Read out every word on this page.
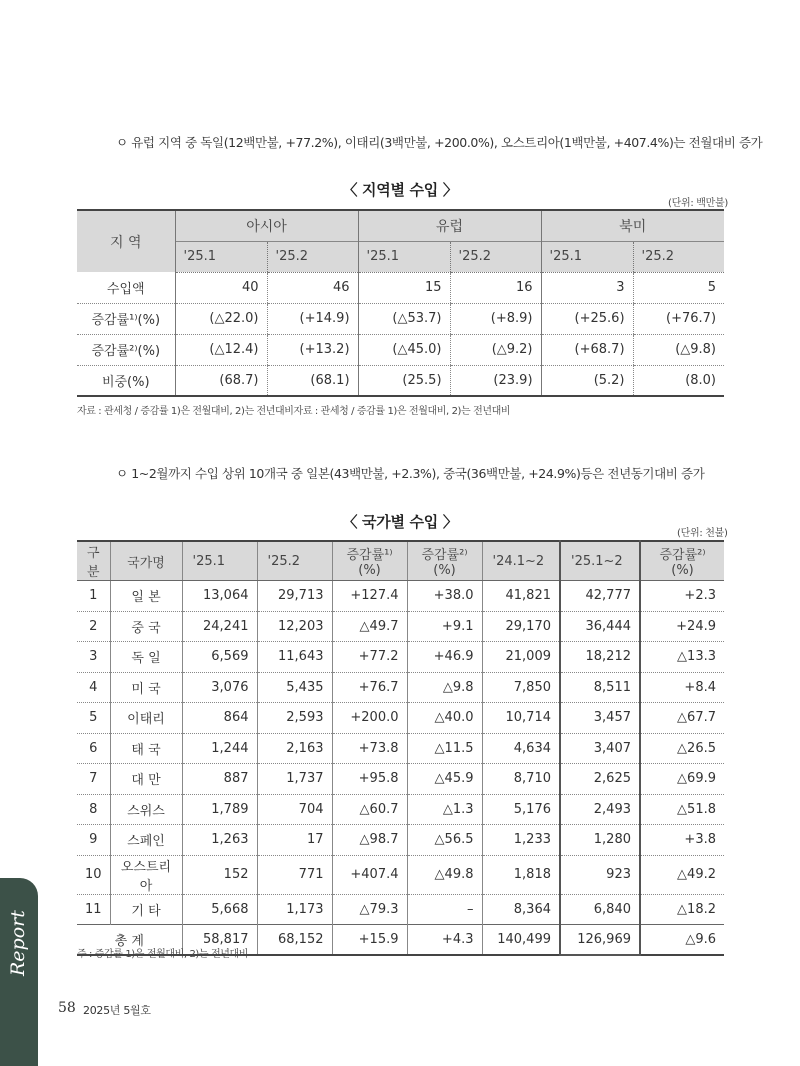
ㅇ 유럽 지역 중 독일(12백만불, +77.2%), 이태리(3백만불, +200.0%), 오스트리아(1백만불, +407.4%)는 전월대비 증가
〈 지역별 수입 〉
(단위: 백만불)
지 역	아시아		유럽		북미	
	'25.1	'25.2	'25.1	'25.2	'25.1	'25.2
수입액	40	46	15	16	3	5
증감률¹⁾(%)	(△22.0)	(+14.9)	(△53.7)	(+8.9)	(+25.6)	(+76.7)
증감률²⁾(%)	(△12.4)	(+13.2)	(△45.0)	(△9.2)	(+68.7)	(△9.8)
비중(%)	(68.7)	(68.1)	(25.5)	(23.9)	(5.2)	(8.0)
자료 : 관세청 / 증감률 1)은 전월대비, 2)는 전년대비자료 : 관세청 / 증감률 1)은 전월대비, 2)는 전년대비
ㅇ 1~2월까지 수입 상위 10개국 중 일본(43백만불, +2.3%), 중국(36백만불, +24.9%)등은 전년동기대비 증가
〈 국가별 수입 〉
(단위: 천불)
구분	국가명	'25.1	'25.2	증감률¹⁾(%)	증감률²⁾(%)	'24.1~2	'25.1~2	증감률²⁾(%)
1	일 본	13,064	29,713	+127.4	+38.0	41,821	42,777	+2.3
2	중 국	24,241	12,203	△49.7	+9.1	29,170	36,444	+24.9
3	독 일	6,569	11,643	+77.2	+46.9	21,009	18,212	△13.3
4	미 국	3,076	5,435	+76.7	△9.8	7,850	8,511	+8.4
5	이태리	864	2,593	+200.0	△40.0	10,714	3,457	△67.7
6	태 국	1,244	2,163	+73.8	△11.5	4,634	3,407	△26.5
7	대 만	887	1,737	+95.8	△45.9	8,710	2,625	△69.9
8	스위스	1,789	704	△60.7	△1.3	5,176	2,493	△51.8
9	스페인	1,263	17	△98.7	△56.5	1,233	1,280	+3.8
10	오스트리아	152	771	+407.4	△49.8	1,818	923	△49.2
11	기 타	5,668	1,173	△79.3	–	8,364	6,840	△18.2
총 계		58,817	68,152	+15.9	+4.3	140,499	126,969	△9.6
주 : 증감률 1)은 전월대비, 2)는 전년대비
Report
58 2025년 5월호
